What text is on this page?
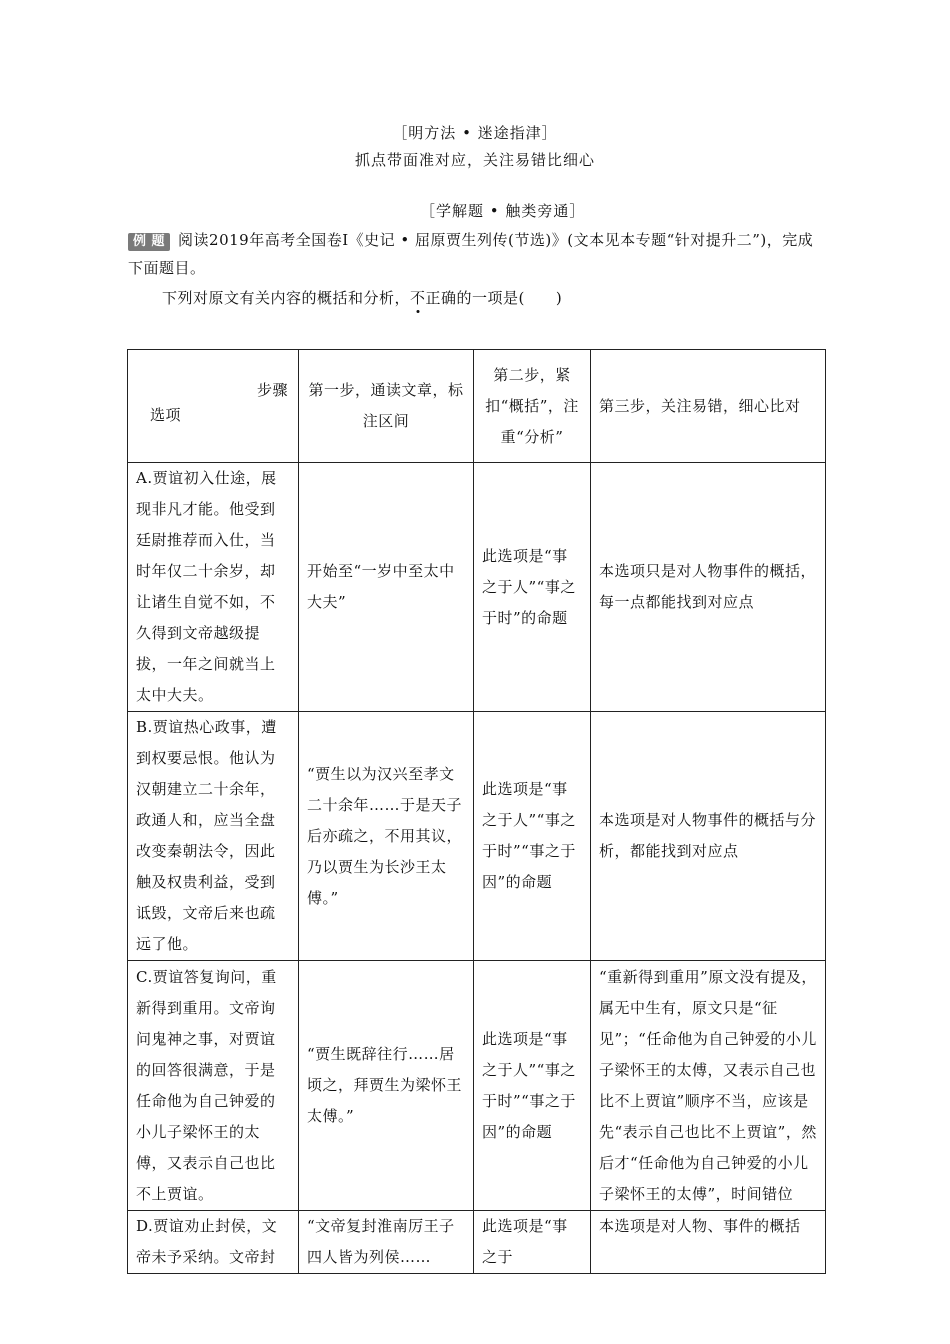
［明方法 • 迷途指津］
抓点带面准对应，关注易错比细心
［学解题 • 触类旁通］
例 题 阅读2019年高考全国卷Ⅰ《史记 • 屈原贾生列传(节选)》(文本见本专题“针对提升二”)，完成下面题目。
下列对原文有关内容的概括和分析，不正确的一项是(　　)
步骤
选项	第一步，通读文章，标注区间	第二步，紧扣“概括”，注重“分析”	第三步，关注易错，细心比对
A.贾谊初入仕途，展现非凡才能。他受到廷尉推荐而入仕，当时年仅二十余岁，却让诸生自觉不如，不久得到文帝越级提拔，一年之间就当上太中大夫。	开始至“一岁中至太中大夫”	此选项是“事之于人”“事之于时”的命题	本选项只是对人物事件的概括，每一点都能找到对应点
B.贾谊热心政事，遭到权要忌恨。他认为汉朝建立二十余年，政通人和，应当全盘改变秦朝法令，因此触及权贵利益，受到诋毁，文帝后来也疏远了他。	“贾生以为汉兴至孝文二十余年……于是天子后亦疏之，不用其议，乃以贾生为长沙王太傅。”	此选项是“事之于人”“事之于时”“事之于因”的命题	本选项是对人物事件的概括与分析，都能找到对应点
C.贾谊答复询问，重新得到重用。文帝询问鬼神之事，对贾谊的回答很满意，于是任命他为自己钟爱的小儿子梁怀王的太傅，又表示自己也比不上贾谊。	“贾生既辞往行……居顷之，拜贾生为梁怀王太傅。”	此选项是“事之于人”“事之于时”“事之于因”的命题	“重新得到重用”原文没有提及，属无中生有，原文只是“征见”；“任命他为自己钟爱的小儿子梁怀王的太傅，又表示自己也比不上贾谊”顺序不当，应该是先“表示自己也比不上贾谊”，然后才“任命他为自己钟爱的小儿子梁怀王的太傅”，时间错位
D.贾谊劝止封侯，文帝未予采纳。文帝封	“文帝复封淮南厉王子四人皆为列侯……	此选项是“事之于	本选项是对人物、事件的概括
